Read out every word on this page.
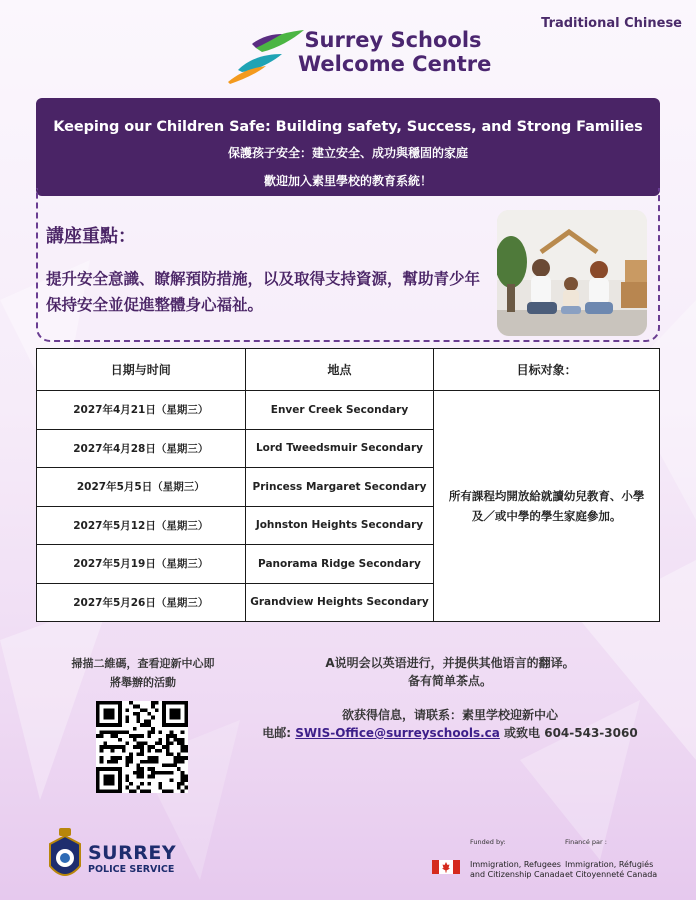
Traditional Chinese
Surrey Schools
Welcome Centre
Keeping our Children Safe: Building safety, Success, and Strong Families
保護孩子安全：建立安全、成功與穩固的家庭
歡迎加入素里學校的教育系統！
講座重點：
提升安全意識、瞭解預防措施，以及取得支持資源，幫助青少年保持安全並促進整體身心福祉。
日期与时间	地点	目标对象：
2027年4月21日（星期三）	Enver Creek Secondary	所有課程均開放給就讀幼兒教育、小學及／或中學的學生家庭參加。
2027年4月28日（星期三）	Lord Tweedsmuir Secondary	
2027年5月5日（星期三）	Princess Margaret Secondary	
2027年5月12日（星期三）	Johnston Heights Secondary	
2027年5月19日（星期三）	Panorama Ridge Secondary	
2027年5月26日（星期三）	Grandview Heights Secondary	
掃描二維碼，查看迎新中心即
將舉辦的活動
A说明会以英语进行，并提供其他语言的翻译。
备有简单茶点。
欲获得信息，请联系：素里学校迎新中心
电邮: SWIS-Office@surreyschools.ca 或致电 604-543-3060
SURREY
POLICE SERVICE
Funded by:	Financé par :
Immigration, Refugees
and Citizenship Canada
Immigration, Réfugiés
et Citoyenneté Canada
